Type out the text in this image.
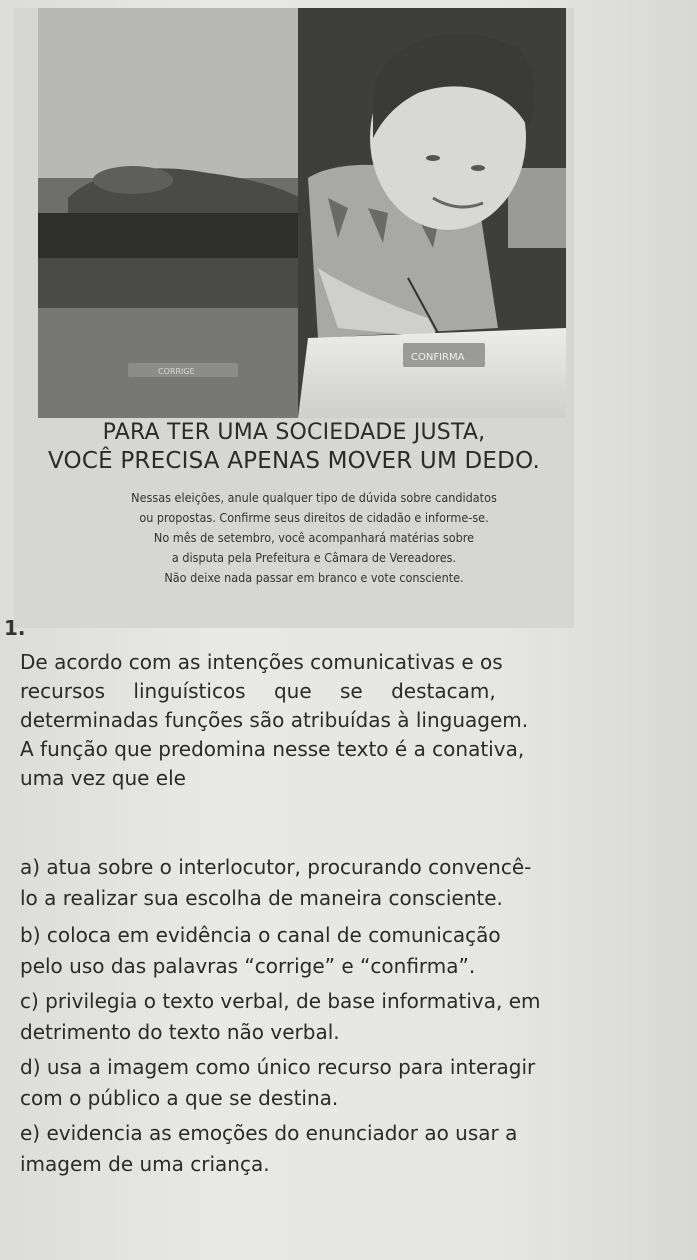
CORRIGE
CONFIRMA
PARA TER UMA SOCIEDADE JUSTA,
VOCÊ PRECISA APENAS MOVER UM DEDO.
Nessas eleições, anule qualquer tipo de dúvida sobre candidatos
ou propostas. Confirme seus direitos de cidadão e informe-se.
No mês de setembro, você acompanhará matérias sobre
a disputa pela Prefeitura e Câmara de Vereadores.
Não deixe nada passar em branco e vote consciente.
1.
De acordo com as intenções comunicativas e os
recursos linguísticos que se destacam,
determinadas funções são atribuídas à linguagem.
A função que predomina nesse texto é a conativa,
uma vez que ele
a) atua sobre o interlocutor, procurando convencê-
lo a realizar sua escolha de maneira consciente.
b) coloca em evidência o canal de comunicação
pelo uso das palavras “corrige” e “confirma”.
c) privilegia o texto verbal, de base informativa, em
detrimento do texto não verbal.
d) usa a imagem como único recurso para interagir
com o público a que se destina.
e) evidencia as emoções do enunciador ao usar a
imagem de uma criança.
